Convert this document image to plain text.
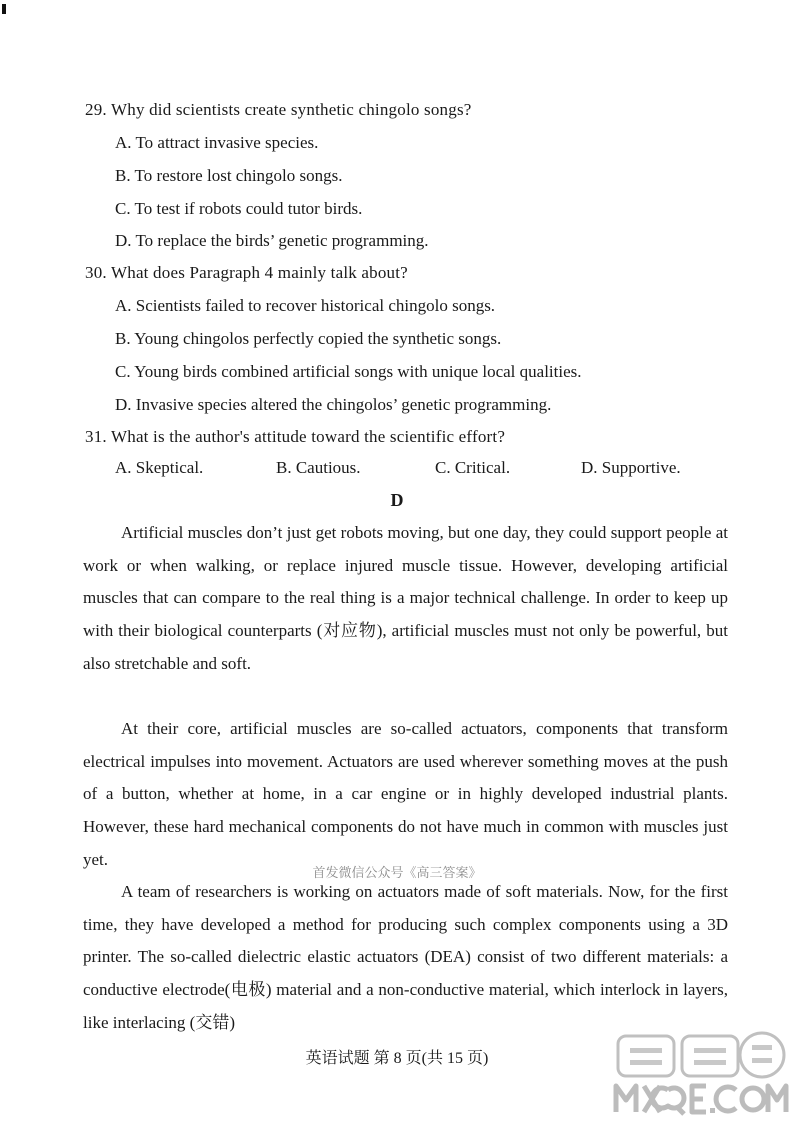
29. Why did scientists create synthetic chingolo songs?
A. To attract invasive species.
B. To restore lost chingolo songs.
C. To test if robots could tutor birds.
D. To replace the birds’ genetic programming.
30. What does Paragraph 4 mainly talk about?
A. Scientists failed to recover historical chingolo songs.
B. Young chingolos perfectly copied the synthetic songs.
C. Young birds combined artificial songs with unique local qualities.
D. Invasive species altered the chingolos’ genetic programming.
31. What is the author's attitude toward the scientific effort?
A. Skeptical.	B. Cautious.	C. Critical.	D. Supportive.
D
Artificial muscles don’t just get robots moving, but one day, they could support people at work or when walking, or replace injured muscle tissue. However, developing artificial muscles that can compare to the real thing is a major technical challenge. In order to keep up with their biological counterparts (对应物), artificial muscles must not only be powerful, but also stretchable and soft.
At their core, artificial muscles are so-called actuators, components that transform electrical impulses into movement. Actuators are used wherever something moves at the push of a button, whether at home, in a car engine or in highly developed industrial plants. However, these hard mechanical components do not have much in common with muscles just yet.
首发微信公众号《高三答案》
A team of researchers is working on actuators made of soft materials. Now, for the first time, they have developed a method for producing such complex components using a 3D printer. The so-called dielectric elastic actuators (DEA) consist of two different materials: a conductive electrode(电极) material and a non-conductive material, which interlock in layers, like interlacing (交错)
英语试题 第 8 页(共 15 页)
